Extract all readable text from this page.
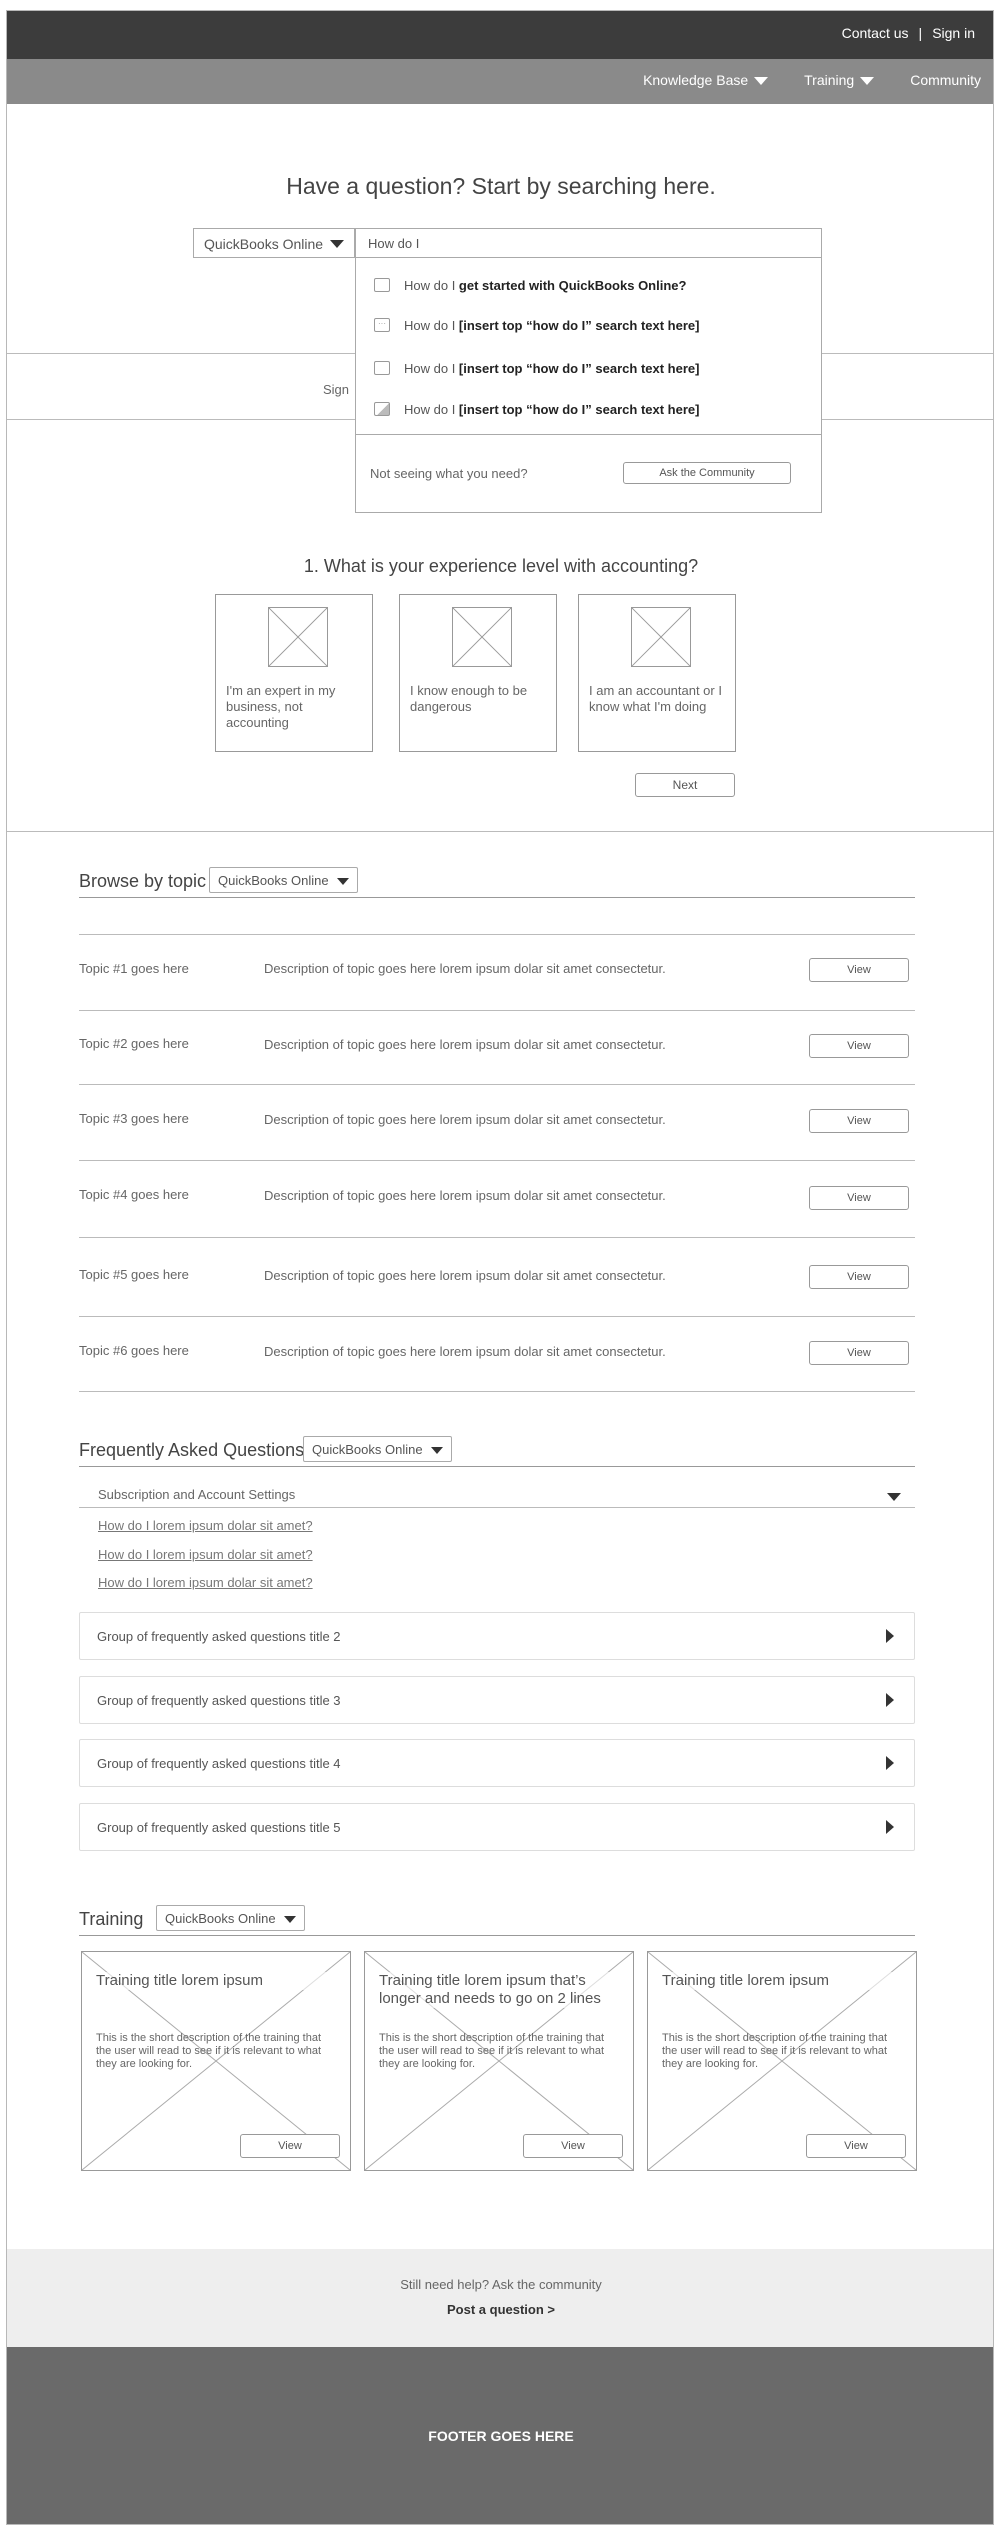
Contact us | Sign in
Knowledge Base	Training	Community
Have a question? Start by searching here.
QuickBooks Online	How do I
How do I get started with QuickBooks Online?
···	How do I [insert top “how do I” search text here]
How do I [insert top “how do I” search text here]
How do I [insert top “how do I” search text here]
Not seeing what you need?	Ask the Community
Sign
1. What is your experience level with accounting?
I'm an expert in my business, not accounting
I know enough to be dangerous
I am an accountant or I know what I'm doing
Next
Browse by topic QuickBooks Online
Topic #1 goes here	Description of topic goes here lorem ipsum dolar sit amet consectetur.	View
Topic #2 goes here	Description of topic goes here lorem ipsum dolar sit amet consectetur.	View
Topic #3 goes here	Description of topic goes here lorem ipsum dolar sit amet consectetur.	View
Topic #4 goes here	Description of topic goes here lorem ipsum dolar sit amet consectetur.	View
Topic #5 goes here	Description of topic goes here lorem ipsum dolar sit amet consectetur.	View
Topic #6 goes here	Description of topic goes here lorem ipsum dolar sit amet consectetur.	View
Frequently Asked Questions QuickBooks Online
Subscription and Account Settings
How do I lorem ipsum dolar sit amet?
How do I lorem ipsum dolar sit amet?
How do I lorem ipsum dolar sit amet?
Group of frequently asked questions title 2
Group of frequently asked questions title 3
Group of frequently asked questions title 4
Group of frequently asked questions title 5
Training	QuickBooks Online
Training title lorem ipsum
This is the short description of the training that the user will read to see if it is relevant to what they are looking for.
View
Training title lorem ipsum that’s longer and needs to go on 2 lines
This is the short description of the training that the user will read to see if it is relevant to what they are looking for.
View
Training title lorem ipsum
This is the short description of the training that the user will read to see if it is relevant to what they are looking for.
View
Still need help? Ask the community
Post a question >
FOOTER GOES HERE
